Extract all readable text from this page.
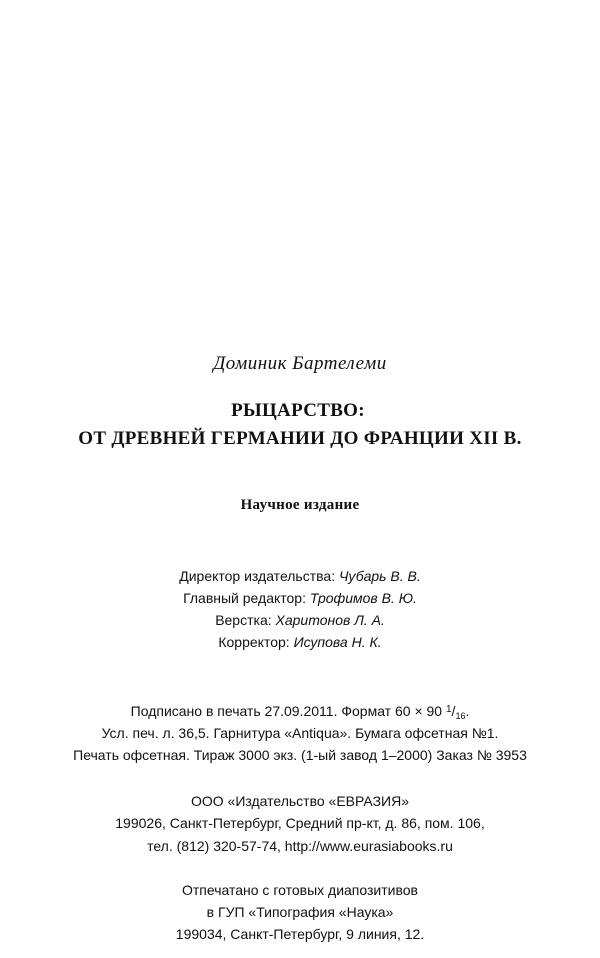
Доминик Бартелеми

РЫЦАРСТВО:

ОТ ДРЕВНЕЙ ГЕРМАНИИ ДО ФРАНЦИИ XII В.

Научное издание

Директор издательства: Чубарь В. В.

Главный редактор: Трофимов В. Ю.

Верстка: Харитонов Л. А.

Корректор: Исупова Н. К.

Подписано в печать 27.09.2011. Формат 60 × 90 $^1/_{16}$.

Усл. печ. л. 36,5. Гарнитура «Antiqua». Бумага офсетная №1.

Печать офсетная. Тираж 3000 экз. (1-ый завод 1–2000) Заказ № 3953

ООО «Издательство «ЕВРАЗИЯ»

199026, Санкт-Петербург, Средний пр-кт, д. 86, пом. 106,

тел. (812) 320-57-74, http://www.eurasiabooks.ru

Отпечатано с готовых диапозитивов

в ГУП «Типография «Наука»

199034, Санкт-Петербург, 9 линия, 12.
